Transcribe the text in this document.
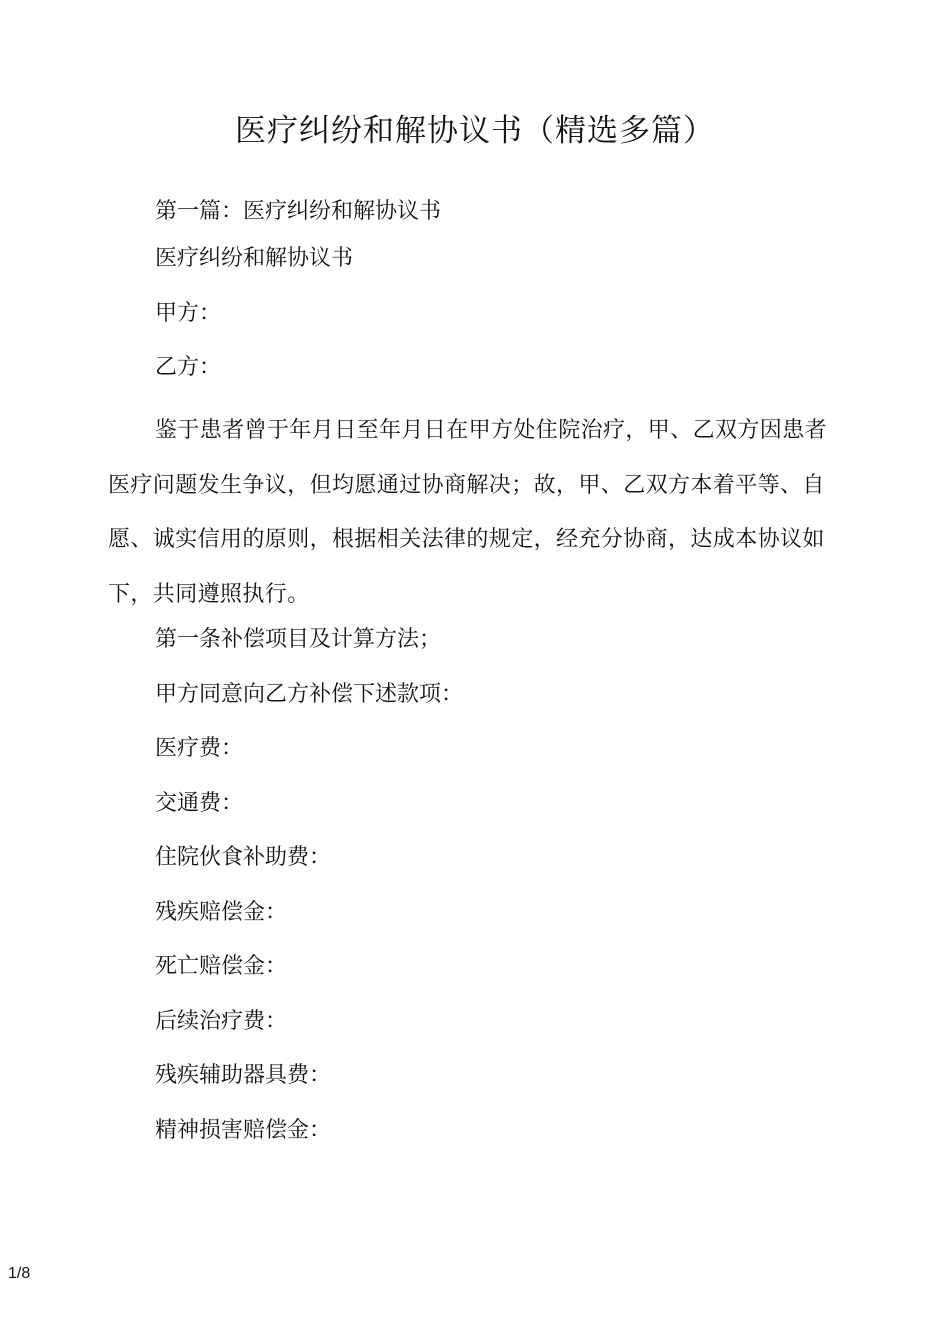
医疗纠纷和解协议书（精选多篇）
第一篇：医疗纠纷和解协议书
医疗纠纷和解协议书
甲方：
乙方：
鉴于患者曾于年月日至年月日在甲方处住院治疗，甲、乙双方因患者医疗问题发生争议，但均愿通过协商解决；故，甲、乙双方本着平等、自愿、诚实信用的原则，根据相关法律的规定，经充分协商，达成本协议如下，共同遵照执行。
第一条补偿项目及计算方法；
甲方同意向乙方补偿下述款项：
医疗费：
交通费：
住院伙食补助费：
残疾赔偿金：
死亡赔偿金：
后续治疗费：
残疾辅助器具费：
精神损害赔偿金：
1/8
